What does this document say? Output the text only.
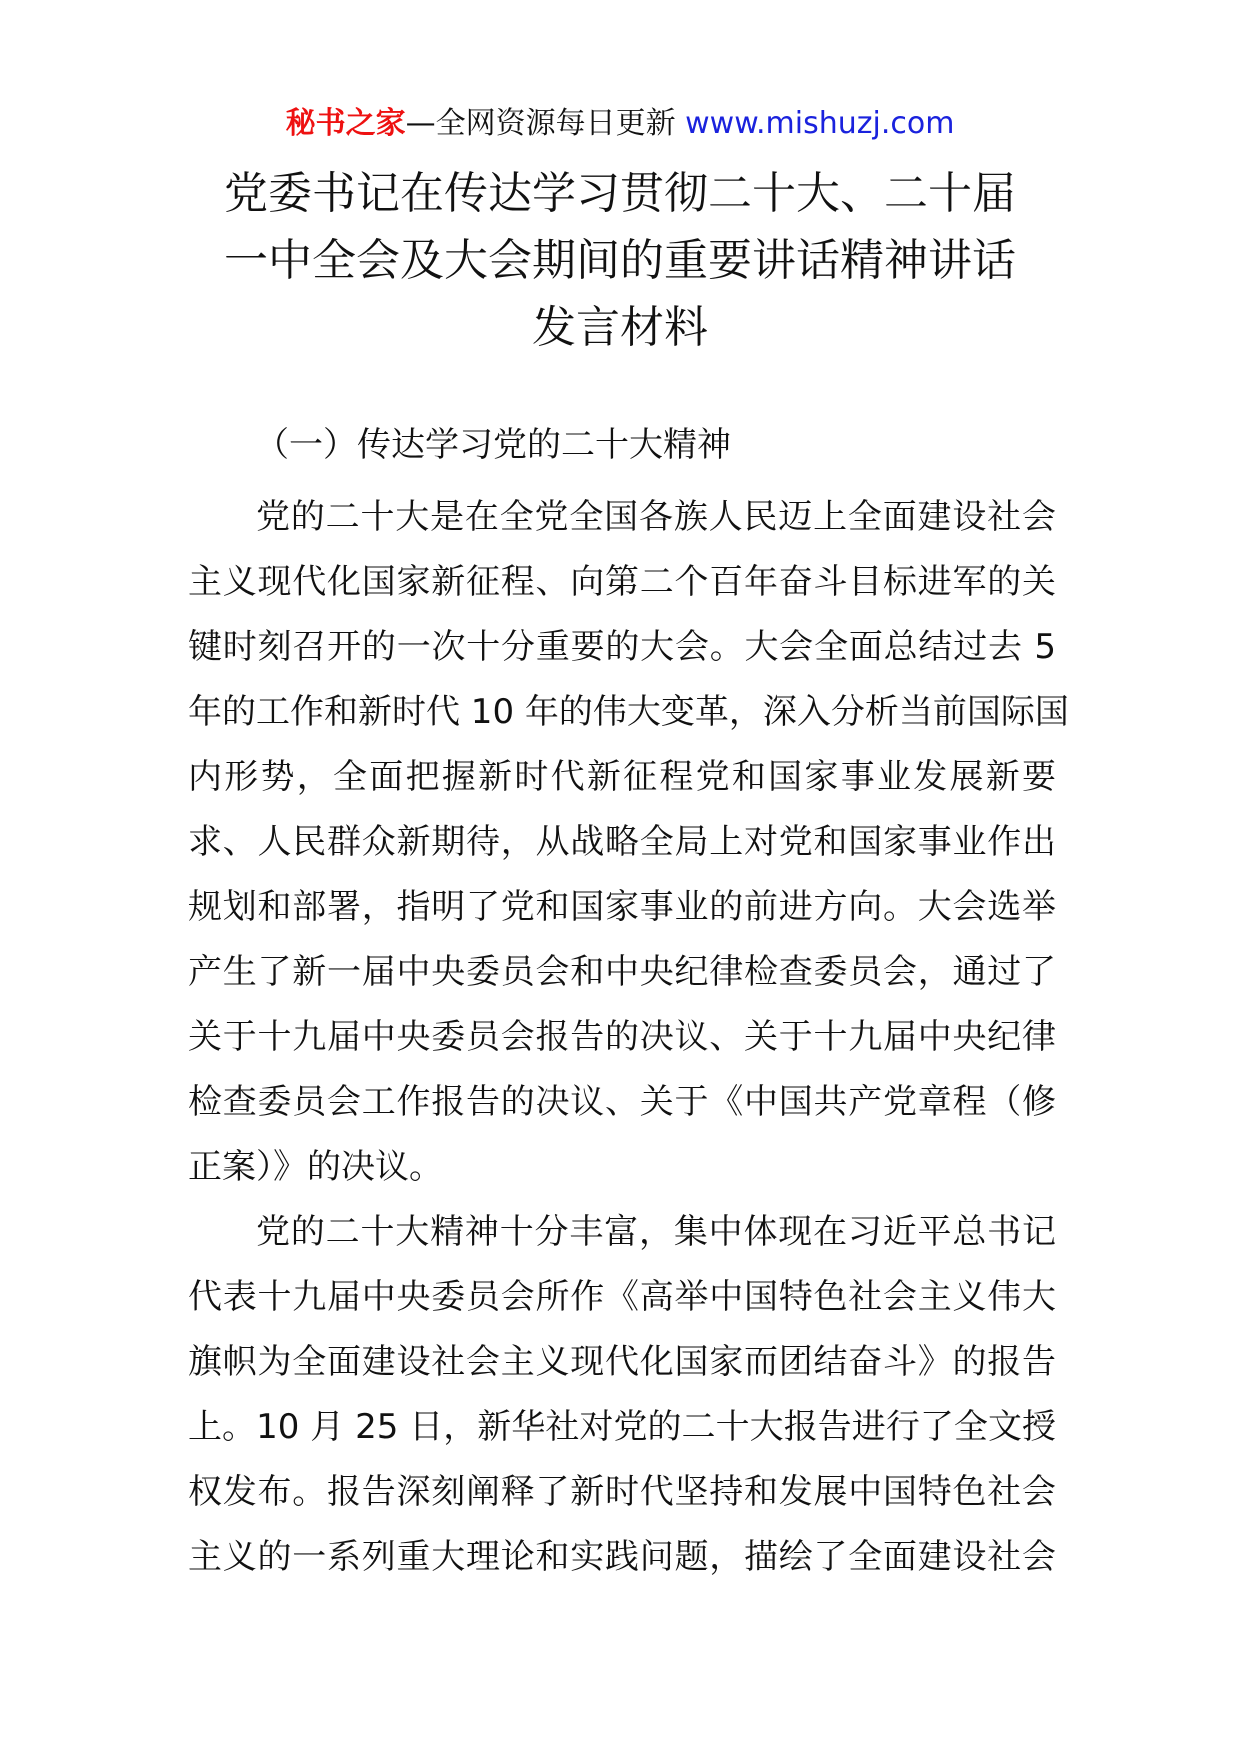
秘书之家—全网资源每日更新 www.mishuzj.com
党委书记在传达学习贯彻二十大、二十届
一中全会及大会期间的重要讲话精神讲话
发言材料
（一）传达学习党的二十大精神

党的二十大是在全党全国各族人民迈上全面建设社会
主义现代化国家新征程、向第二个百年奋斗目标进军的关
键时刻召开的一次十分重要的大会。大会全面总结过去 5
年的工作和新时代 10 年的伟大变革，深入分析当前国际国
内形势，全面把握新时代新征程党和国家事业发展新要
求、人民群众新期待，从战略全局上对党和国家事业作出
规划和部署，指明了党和国家事业的前进方向。大会选举
产生了新一届中央委员会和中央纪律检查委员会，通过了
关于十九届中央委员会报告的决议、关于十九届中央纪律
检查委员会工作报告的决议、关于《中国共产党章程（修
正案）》的决议。

党的二十大精神十分丰富，集中体现在习近平总书记
代表十九届中央委员会所作《高举中国特色社会主义伟大
旗帜为全面建设社会主义现代化国家而团结奋斗》的报告
上。10 月 25 日，新华社对党的二十大报告进行了全文授
权发布。报告深刻阐释了新时代坚持和发展中国特色社会
主义的一系列重大理论和实践问题，描绘了全面建设社会
